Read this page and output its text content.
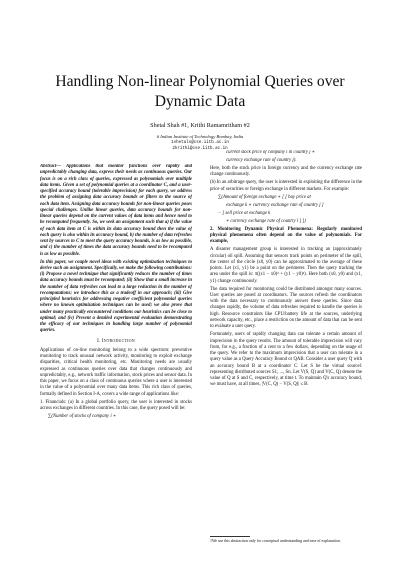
Handling Non-linear Polynomial Queries over
Dynamic Data
Shetal Shah #1, Krithi Ramamritham #2
# Indian Institute of Technology Bombay, India
1shetals@cse.iitb.ac.in
2krithi@cse.iitb.ac.in

Abstract— Applications that monitor functions over rapidly and unpredictably changing data, express their needs as continuous queries. Our focus is on a rich class of queries, expressed as polynomials over multiple data items. Given a set of polynomial queries at a coordinator C, and a user-specified accuracy bound (tolerable imprecision) for each query, we address the problem of assigning data accuracy bounds or filters to the source of each data item. Assigning data accuracy bounds for non-linear queries poses special challenges. Unlike linear queries, data accuracy bounds for non-linear queries depend on the current values of data items and hence need to be recomputed frequently. So, we seek an assignment such that a) if the value of each data item at C is within its data accuracy bound then the value of each query is also within its accuracy bound, b) the number of data refreshes sent by sources to C to meet the query accuracy bounds, is as low as possible, and c) the number of times the data accuracy bounds need to be recomputed is as low as possible.

In this paper, we couple novel ideas with existing optimization techniques to derive such an assignment. Specifically, we make the following contributions: (i) Propose a novel technique that significantly reduces the number of times data accuracy bounds must be recomputed; (ii) Show that a small increase in the number of data refreshes can lead to a large reduction in the number of recomputations; we introduce this as a tradeoff in our approach; (iii) Give principled heuristics for addressing negative coefficient polynomial queries where no known optimization techniques can be used; we also prove that under many practically encountered conditions our heuristics can be close to optimal; and (iv) Present a detailed experimental evaluation demonstrating the efficacy of our techniques in handling large number of polynomial queries.

I. Introduction

Applications of on-line monitoring belong to a wide spectrum: preventive monitoring to track unusual network activity, monitoring to exploit exchange disparities, critical health monitoring, etc. Monitoring needs are usually expressed as continuous queries over data that changes continuously and unpredictably, e.g., network traffic information, stock prices and sensor data. In this paper, we focus on a class of continuous queries where a user is interested in the value of a polynomial over many data items. This rich class of queries, formally defined in Section I-A, covers a wide range of applications like:

1. Financials: (a) In a global portfolio query, the user is interested in stocks across exchanges in different countries. In this case, the query posed will be:

∑(Number of stocks of company i ∗

current stock price of company i in country j ∗

currency exchange rate of country j).

Here, both the stock price in foreign currency and the currency exchange rate change continuously.

(b) In an arbitrage query, the user is interested in exploiting the difference in the price of securities or foreign exchange in different markets. For example:

∑(Amount of foreign exchange ∗ [ [ buy price at

exchange k ∗ currency exchange rate of country j ]

− [ sell price at exchange k

∗ currency exchange rate of country l ] ])

2. Monitoring Dynamic Physical Phenomena: Regularly monitored physical phenomena often depend on the value of polynomials. For example,

A disaster management group is interested in tracking an (approximately circular) oil spill. Assuming that sensors track points on perimeter of the spill, the center of the circle (x0, y0) can be approximated to the average of these points. Let (x1, y1) be a point on the perimeter. Then the query tracking the area under the spill is: π((x1 − x0)² + (y1 − y0)²). Here both (x0, y0) and (x1, y1) change continuously.

The data required for monitoring could be distributed amongst many sources. User queries are posed at coordinators. The sources refresh the coordinators with the data necessary to continuously answer these queries. Since data changes rapidly, the volume of data refreshes required to handle the queries is high. Resource constraints like CPU/battery life at the sources, underlying network capacity, etc., place a restriction on the amount of data that can be sent to evaluate a user query.

Fortunately, users of rapidly changing data can tolerate a certain amount of imprecision in the query results. The amount of tolerable imprecision will vary from, for e.g., a fraction of a cent to a few dollars, depending on the usage of the query. We refer to the maximum imprecision that a user can tolerate in a query value as a Query Accuracy Bound or QAB. Consider a user query Q with an accuracy bound B at a coordinator C. Let S be the virtual source1 representing distributed sources S1, ..., Sn. Let V(S, Q) and V(C, Q) denote the value of Q at S and C, respectively, at time t. To maintain Q's accuracy bound, we must have, at all times, |V(C, Q) − V(S, Q)| ≤ B.

1We use this abstraction only for conceptual understanding and ease of explanation.
